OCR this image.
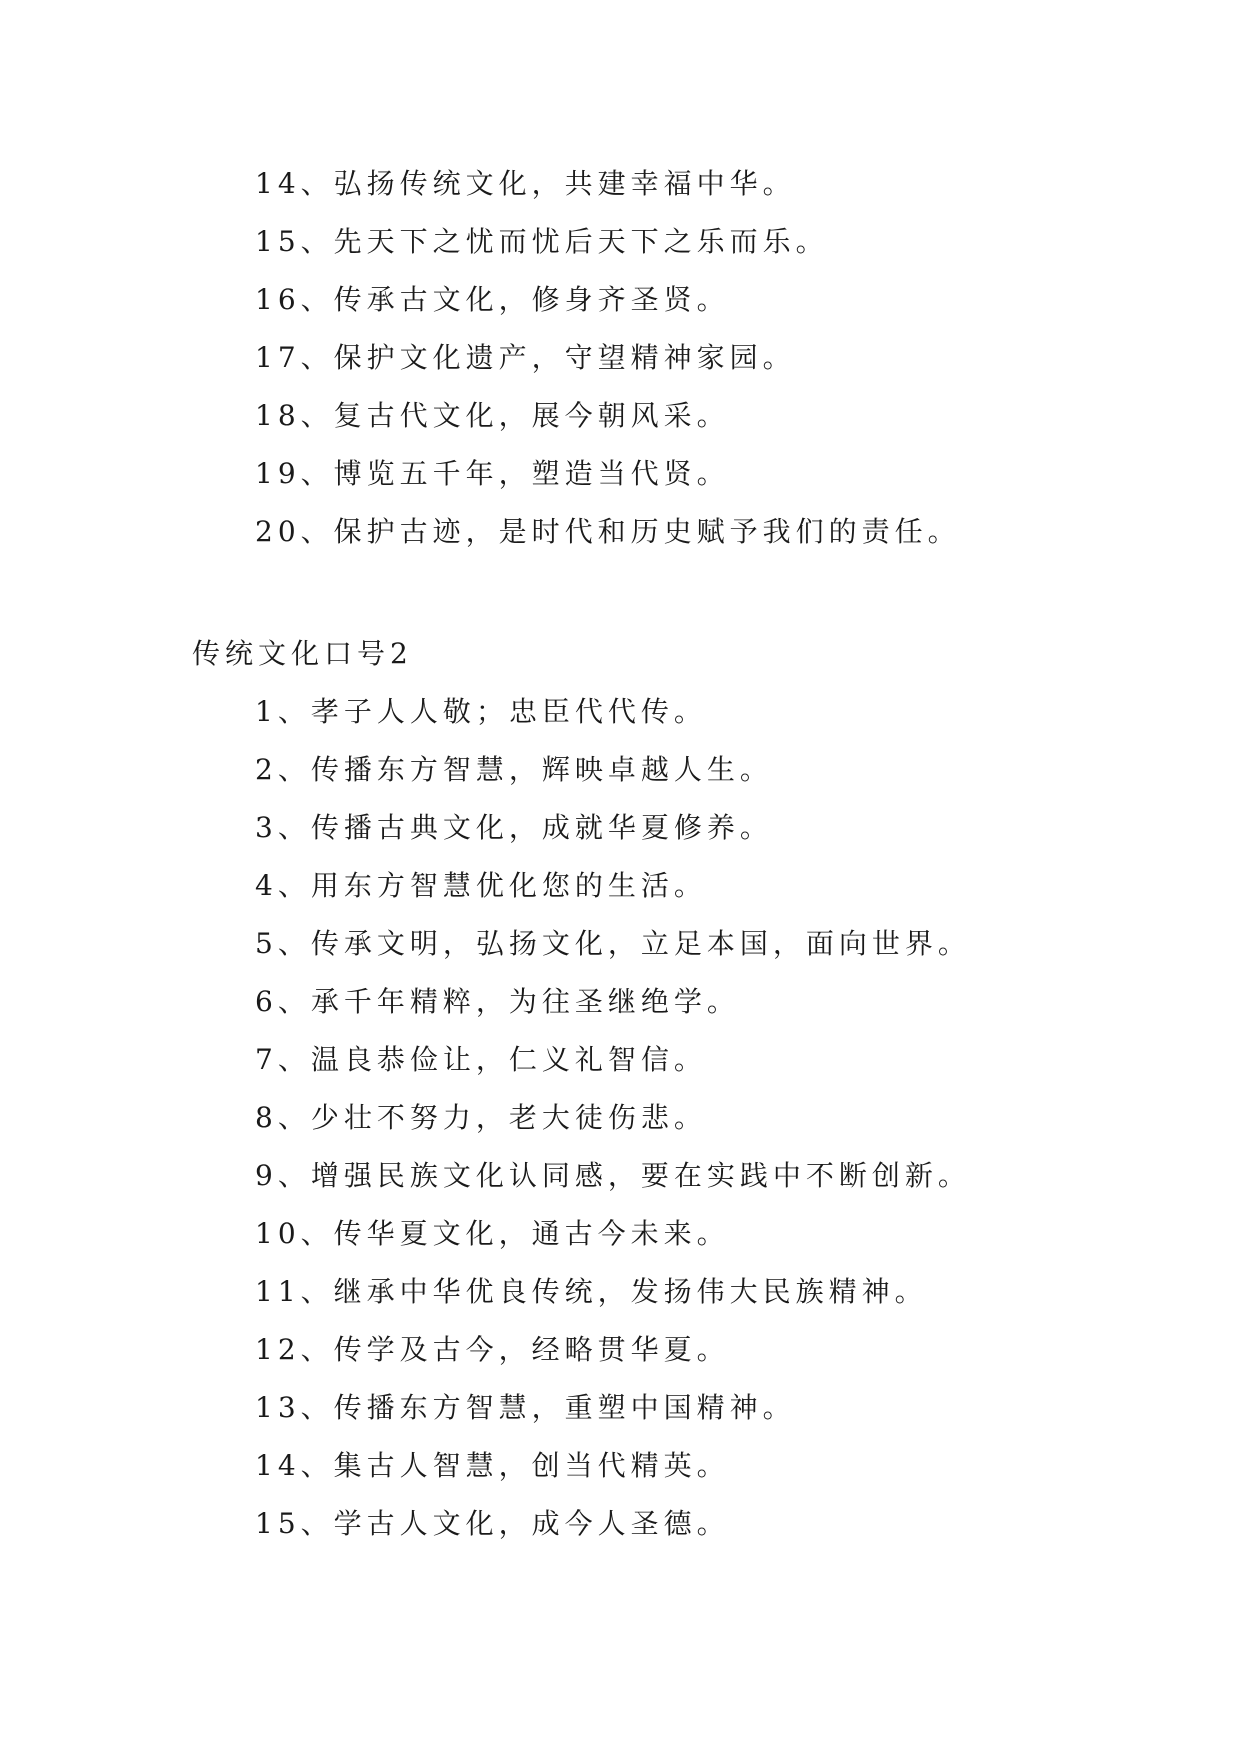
14、弘扬传统文化，共建幸福中华。
15、先天下之忧而忧后天下之乐而乐。
16、传承古文化，修身齐圣贤。
17、保护文化遗产，守望精神家园。
18、复古代文化，展今朝风采。
19、博览五千年，塑造当代贤。
20、保护古迹，是时代和历史赋予我们的责任。
传统文化口号2
1、孝子人人敬；忠臣代代传。
2、传播东方智慧，辉映卓越人生。
3、传播古典文化，成就华夏修养。
4、用东方智慧优化您的生活。
5、传承文明，弘扬文化，立足本国，面向世界。
6、承千年精粹，为往圣继绝学。
7、温良恭俭让，仁义礼智信。
8、少壮不努力，老大徒伤悲。
9、增强民族文化认同感，要在实践中不断创新。
10、传华夏文化，通古今未来。
11、继承中华优良传统，发扬伟大民族精神。
12、传学及古今，经略贯华夏。
13、传播东方智慧，重塑中国精神。
14、集古人智慧，创当代精英。
15、学古人文化，成今人圣德。
